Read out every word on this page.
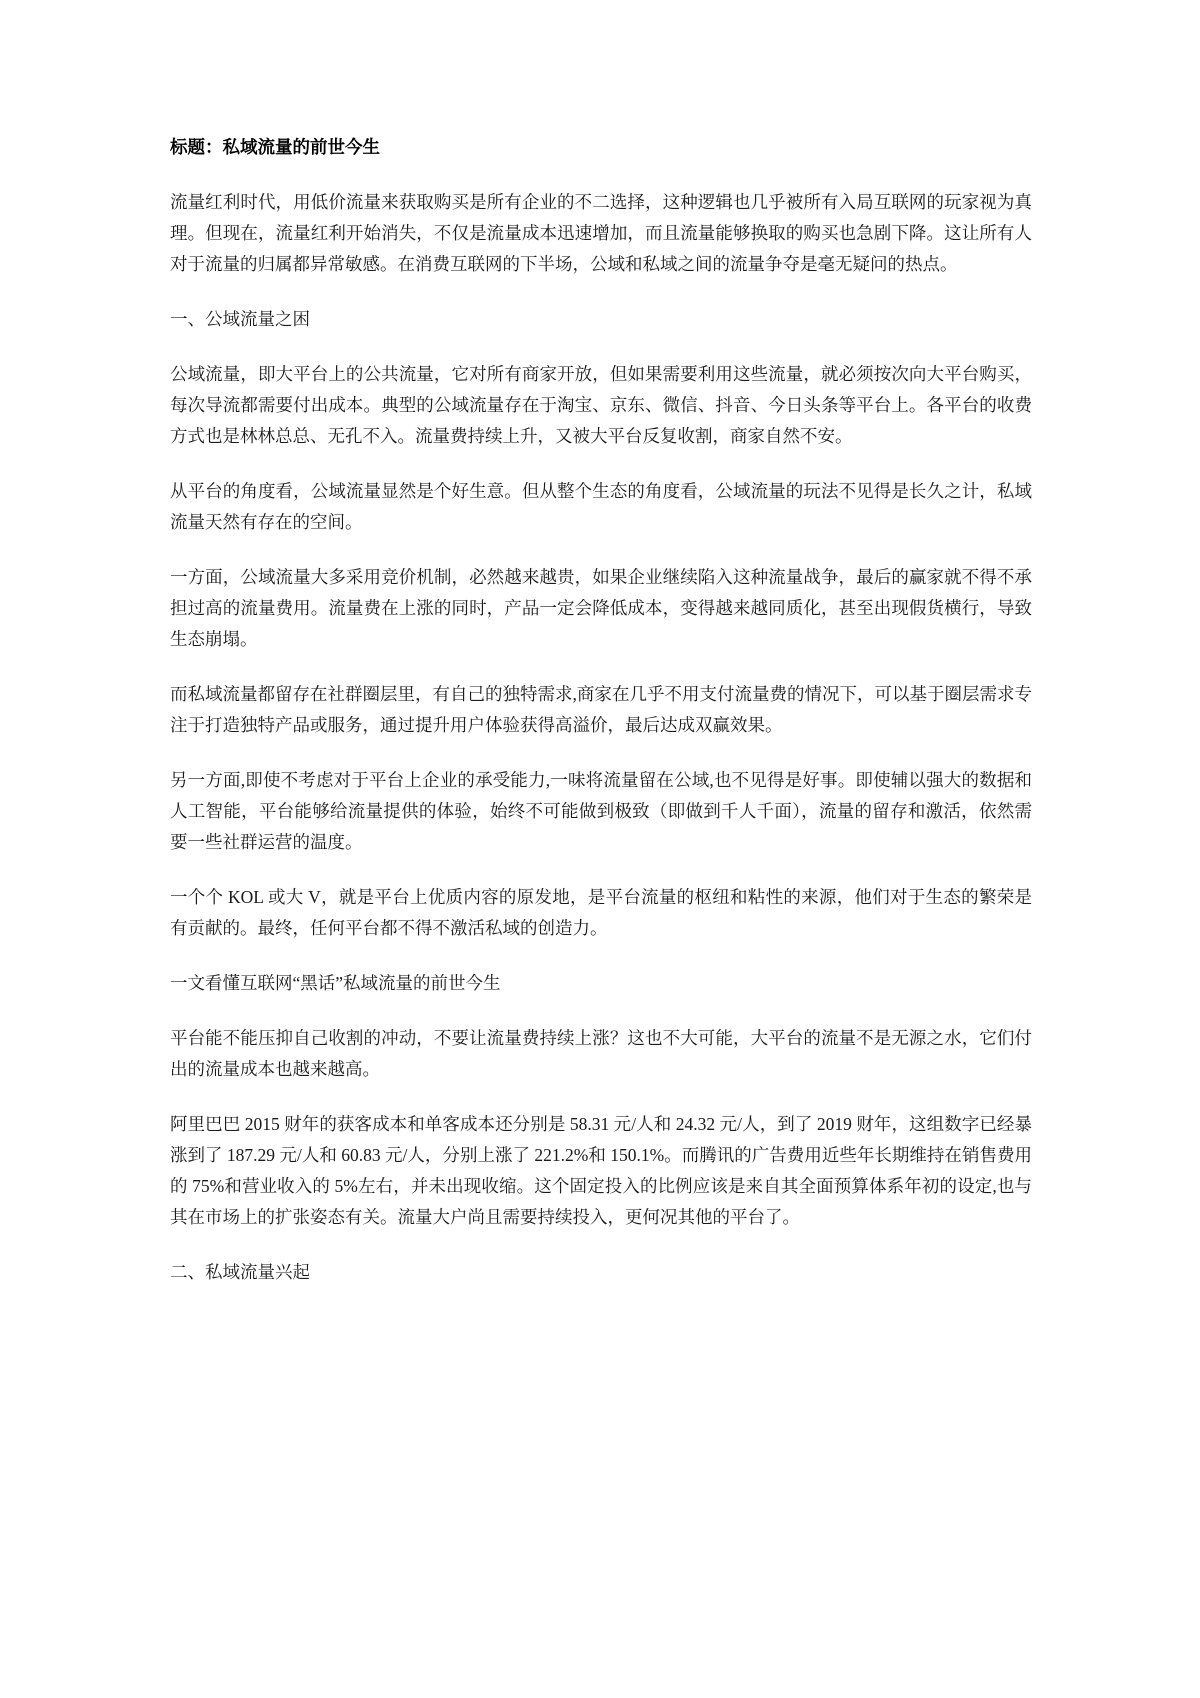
标题：私域流量的前世今生

流量红利时代，用低价流量来获取购买是所有企业的不二选择，这种逻辑也几乎被所有入局互联网的玩家视为真理。但现在，流量红利开始消失，不仅是流量成本迅速增加，而且流量能够换取的购买也急剧下降。这让所有人对于流量的归属都异常敏感。在消费互联网的下半场，公域和私域之间的流量争夺是毫无疑问的热点。

一、公域流量之困

公域流量，即大平台上的公共流量，它对所有商家开放，但如果需要利用这些流量，就必须按次向大平台购买，每次导流都需要付出成本。典型的公域流量存在于淘宝、京东、微信、抖音、今日头条等平台上。各平台的收费方式也是林林总总、无孔不入。流量费持续上升，又被大平台反复收割，商家自然不安。

从平台的角度看，公域流量显然是个好生意。但从整个生态的角度看，公域流量的玩法不见得是长久之计，私域流量天然有存在的空间。

一方面，公域流量大多采用竞价机制，必然越来越贵，如果企业继续陷入这种流量战争，最后的赢家就不得不承担过高的流量费用。流量费在上涨的同时，产品一定会降低成本，变得越来越同质化，甚至出现假货横行，导致生态崩塌。

而私域流量都留存在社群圈层里，有自己的独特需求,商家在几乎不用支付流量费的情况下，可以基于圈层需求专注于打造独特产品或服务，通过提升用户体验获得高溢价，最后达成双赢效果。

另一方面,即使不考虑对于平台上企业的承受能力,一味将流量留在公域,也不见得是好事。即使辅以强大的数据和人工智能，平台能够给流量提供的体验，始终不可能做到极致（即做到千人千面），流量的留存和激活，依然需要一些社群运营的温度。

一个个 KOL 或大 V，就是平台上优质内容的原发地，是平台流量的枢纽和粘性的来源，他们对于生态的繁荣是有贡献的。最终，任何平台都不得不激活私域的创造力。

一文看懂互联网“黑话”私域流量的前世今生

平台能不能压抑自己收割的冲动，不要让流量费持续上涨？这也不大可能，大平台的流量不是无源之水，它们付出的流量成本也越来越高。

阿里巴巴 2015 财年的获客成本和单客成本还分别是 58.31 元/人和 24.32 元/人，到了 2019 财年，这组数字已经暴涨到了 187.29 元/人和 60.83 元/人，分别上涨了 221.2%和 150.1%。而腾讯的广告费用近些年长期维持在销售费用的 75%和营业收入的 5%左右，并未出现收缩。这个固定投入的比例应该是来自其全面预算体系年初的设定,也与其在市场上的扩张姿态有关。流量大户尚且需要持续投入，更何况其他的平台了。

二、私域流量兴起
